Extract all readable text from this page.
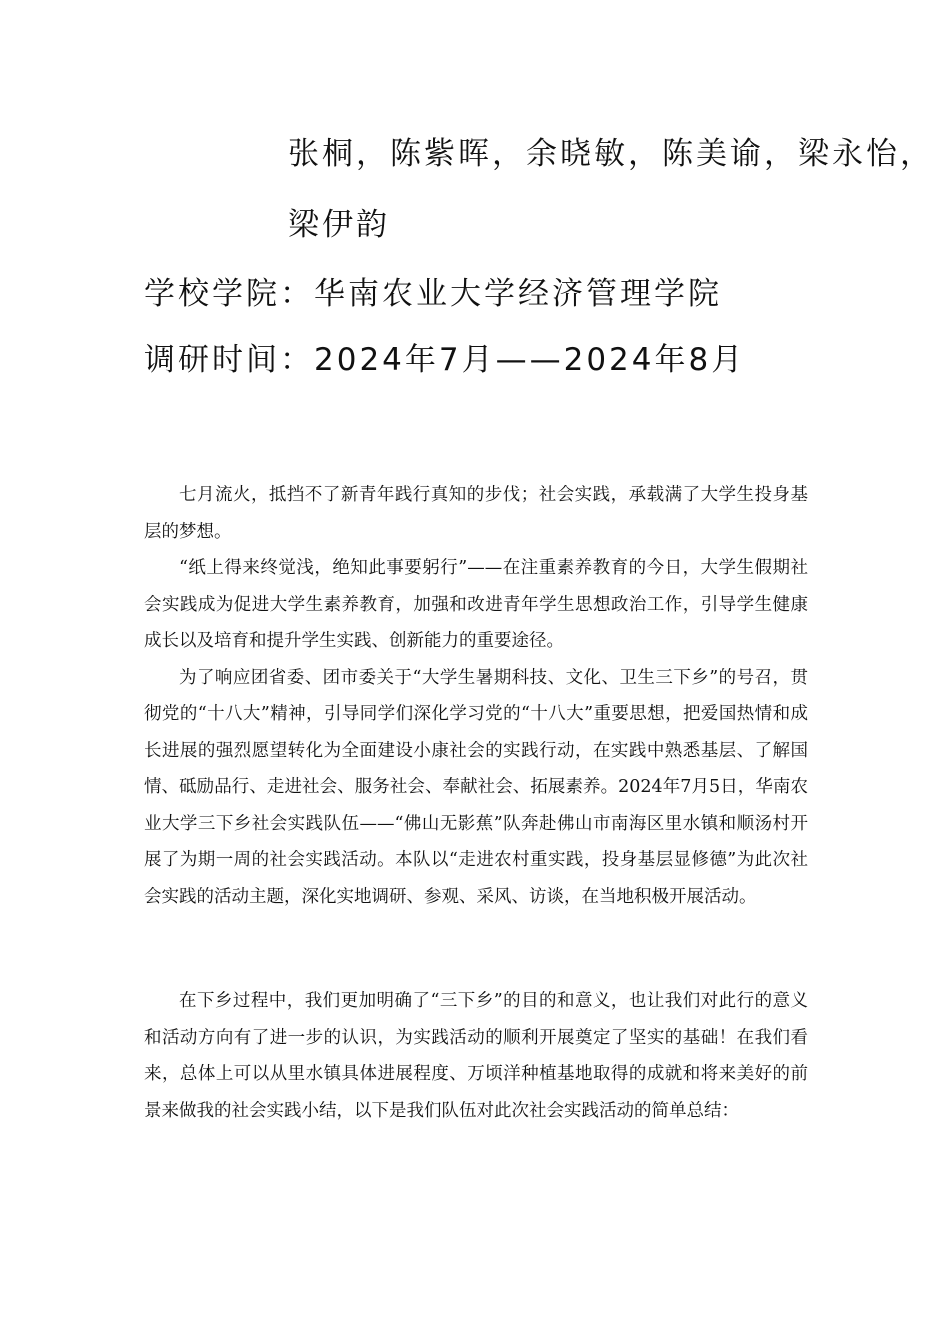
张桐，陈紫晖，余晓敏，陈美谕，梁永怡，
梁伊韵
学校学院：华南农业大学经济管理学院
调研时间：2024年7月——2024年8月

七月流火，抵挡不了新青年践行真知的步伐；社会实践，承载满了大学生投身基层的梦想。

“纸上得来终觉浅，绝知此事要躬行”——在注重素养教育的今日，大学生假期社会实践成为促进大学生素养教育，加强和改进青年学生思想政治工作，引导学生健康成长以及培育和提升学生实践、创新能力的重要途径。

为了响应团省委、团市委关于“大学生暑期科技、文化、卫生三下乡”的号召，贯彻党的“十八大”精神，引导同学们深化学习党的“十八大”重要思想，把爱国热情和成长进展的强烈愿望转化为全面建设小康社会的实践行动，在实践中熟悉基层、了解国情、砥励品行、走进社会、服务社会、奉献社会、拓展素养。2024年7月5日，华南农业大学三下乡社会实践队伍——“佛山无影蕉”队奔赴佛山市南海区里水镇和顺汤村开展了为期一周的社会实践活动。本队以“走进农村重实践，投身基层显修德”为此次社会实践的活动主题，深化实地调研、参观、采风、访谈，在当地积极开展活动。

在下乡过程中，我们更加明确了“三下乡”的目的和意义，也让我们对此行的意义和活动方向有了进一步的认识，为实践活动的顺利开展奠定了坚实的基础！在我们看来，总体上可以从里水镇具体进展程度、万顷洋种植基地取得的成就和将来美好的前景来做我的社会实践小结，以下是我们队伍对此次社会实践活动的简单总结：
